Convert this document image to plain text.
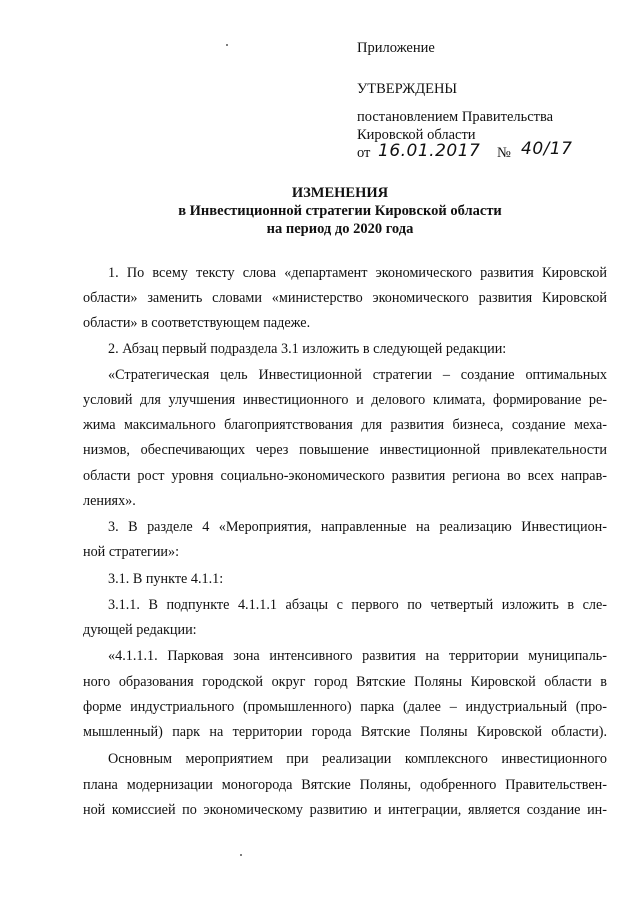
Приложение
УТВЕРЖДЕНЫ
постановлением Правительства
Кировской области
от 16.01.2017 № 40/17
ИЗМЕНЕНИЯ
в Инвестиционной стратегии Кировской области
на период до 2020 года
1. По всему тексту слова «департамент экономического развития Кировской
области» заменить словами «министерство экономического развития Кировской
области» в соответствующем падеже.
2. Абзац первый подраздела 3.1 изложить в следующей редакции:
«Стратегическая цель Инвестиционной стратегии – создание оптимальных
условий для улучшения инвестиционного и делового климата, формирование ре-
жима максимального благоприятствования для развития бизнеса, создание меха-
низмов, обеспечивающих через повышение инвестиционной привлекательности
области рост уровня социально-экономического развития региона во всех направ-
лениях».
3. В разделе 4 «Мероприятия, направленные на реализацию Инвестицион-
ной стратегии»:
3.1. В пункте 4.1.1:
3.1.1. В подпункте 4.1.1.1 абзацы с первого по четвертый изложить в сле-
дующей редакции:
«4.1.1.1. Парковая зона интенсивного развития на территории муниципаль-
ного образования городской округ город Вятские Поляны Кировской области в
форме индустриального (промышленного) парка (далее – индустриальный (про-
мышленный) парк на территории города Вятские Поляны Кировской области).
Основным мероприятием при реализации комплексного инвестиционного
плана модернизации моногорода Вятские Поляны, одобренного Правительствен-
ной комиссией по экономическому развитию и интеграции, является создание ин-
